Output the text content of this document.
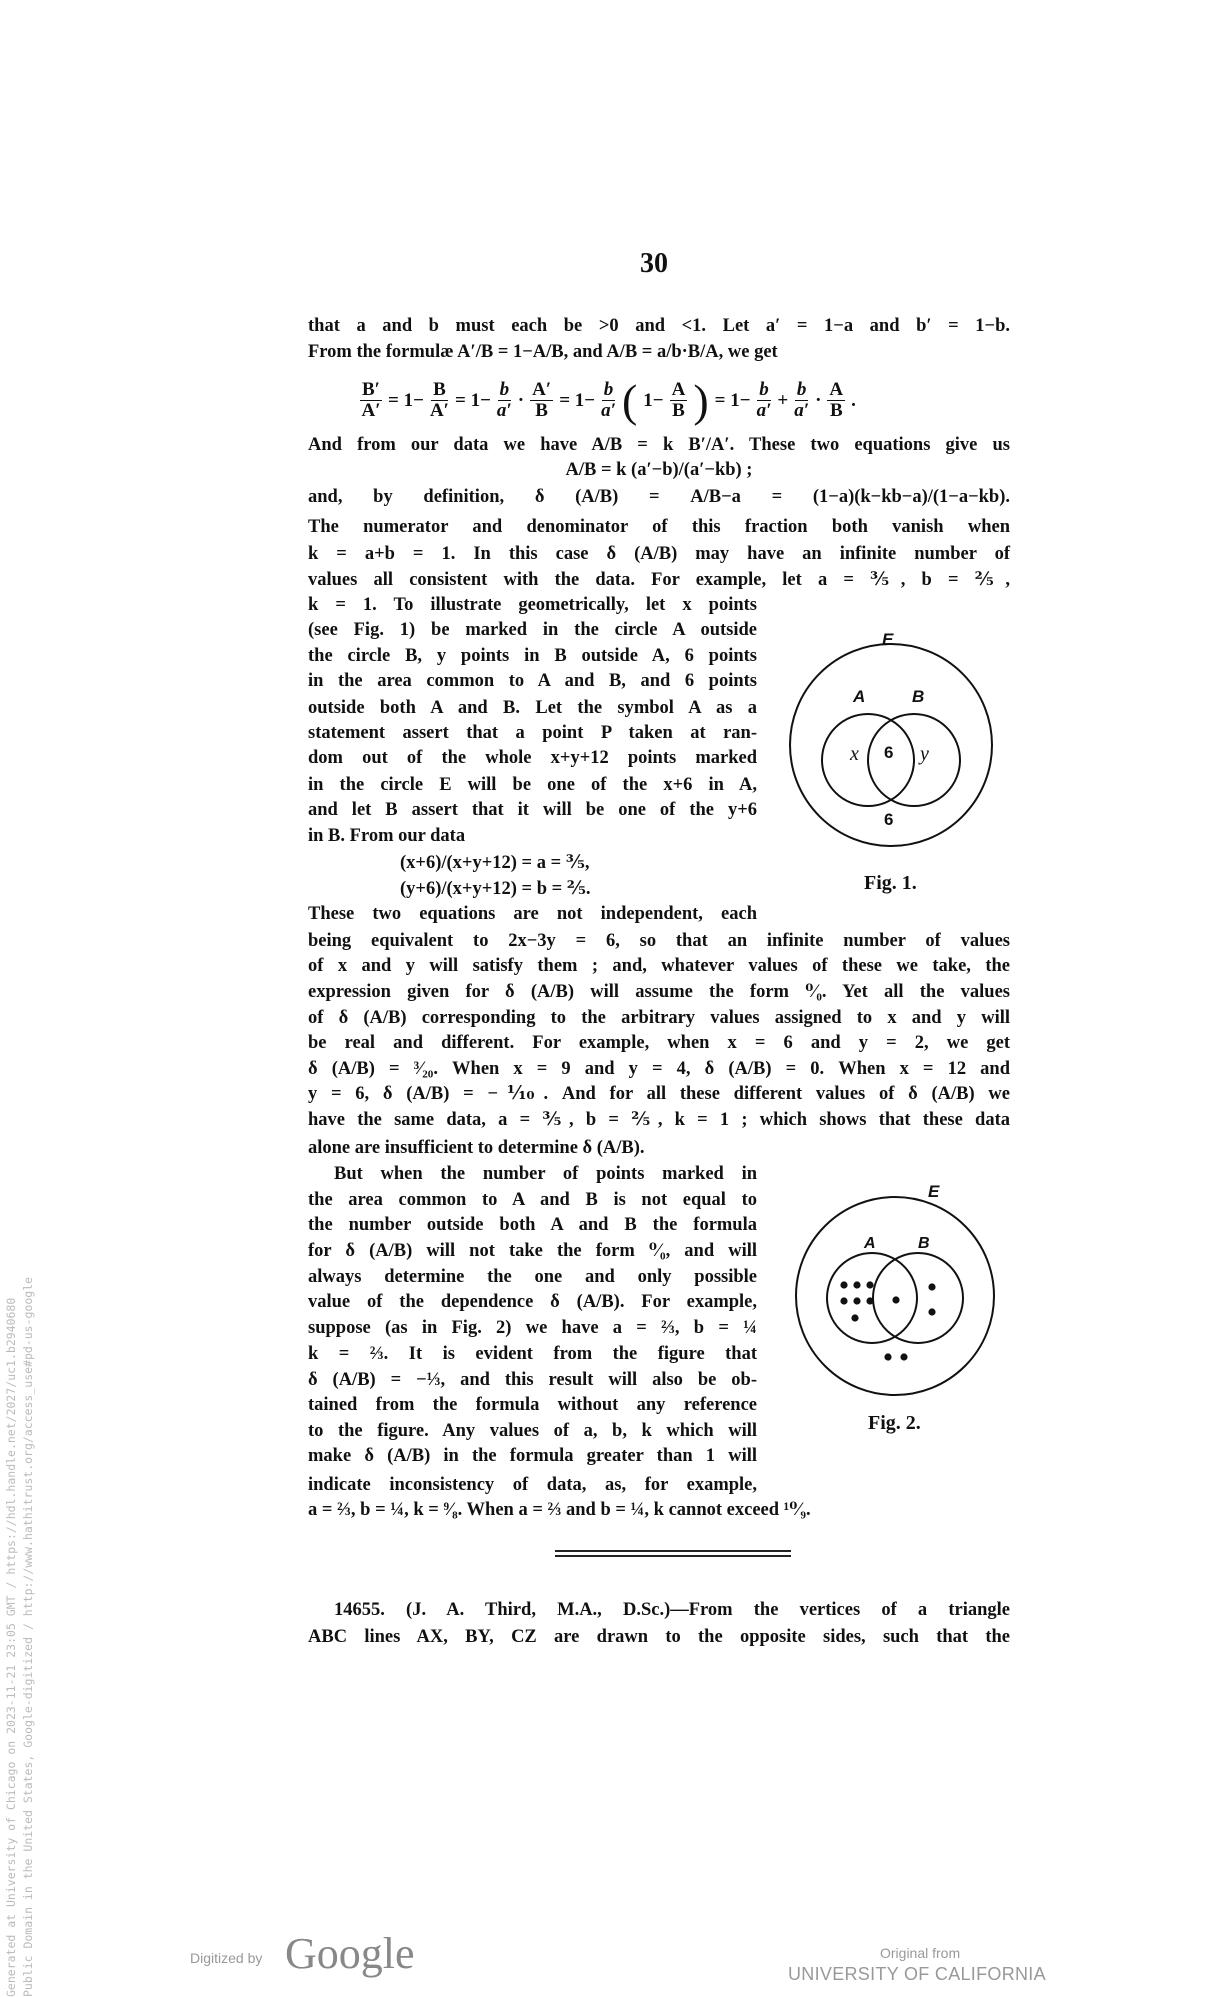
30
that a and b must each be >0 and <1. Let a′ = 1−a and b′ = 1−b.
From the formulæ A′/B = 1−A/B, and A/B = a/b·B/A, we get
$\frac{B'}{A'} = 1- \frac{B}{A'} = 1- \frac{b}{a'} \cdot \frac{A'}{B} = 1- \frac{b}{a'}$ ( $1- \frac{A}{B}$ ) = $1- \frac{b}{a'} + \frac{b}{a'} \cdot \frac{A}{B}$ .
And from our data we have A/B = k B′/A′. These two equations give us
A/B = k (a′−b)/(a′−kb) ;
and, by definition, δ (A/B) = A/B−a = (1−a)(k−kb−a)/(1−a−kb).
The numerator and denominator of this fraction both vanish when
k = a+b = 1. In this case δ (A/B) may have an infinite number of
values all consistent with the data. For example, let a = ⅗, b = ⅖,
k = 1. To illustrate geometrically, let x points
(see Fig. 1) be marked in the circle A outside
the circle B, y points in B outside A, 6 points
in the area common to A and B, and 6 points
outside both A and B. Let the symbol A as a
statement assert that a point P taken at ran-
dom out of the whole x+y+12 points marked
in the circle E will be one of the x+6 in A,
and let B assert that it will be one of the y+6
in B. From our data
(x+6)/(x+y+12) = a = ⅗,
(y+6)/(x+y+12) = b = ⅖.
These two equations are not independent, each
being equivalent to 2x−3y = 6, so that an infinite number of values
of x and y will satisfy them ; and, whatever values of these we take, the
expression given for δ (A/B) will assume the form ⁰⁄₀. Yet all the values
of δ (A/B) corresponding to the arbitrary values assigned to x and y will
be real and different. For example, when x = 6 and y = 2, we get
δ (A/B) = ³⁄₂₀. When x = 9 and y = 4, δ (A/B) = 0. When x = 12 and
y = 6, δ (A/B) = −⅒. And for all these different values of δ (A/B) we
have the same data, a = ⅗, b = ⅖, k = 1 ; which shows that these data
alone are insufficient to determine δ (A/B).
But when the number of points marked in
the area common to A and B is not equal to
the number outside both A and B the formula
for δ (A/B) will not take the form ⁰⁄₀, and will
always determine the one and only possible
value of the dependence δ (A/B). For example,
suppose (as in Fig. 2) we have a = ⅔, b = ¼
k = ⅔. It is evident from the figure that
δ (A/B) = −⅓, and this result will also be ob-
tained from the formula without any reference
to the figure. Any values of a, b, k which will
make δ (A/B) in the formula greater than 1 will
indicate inconsistency of data, as, for example,
a = ⅔, b = ¼, k = ⁹⁄₈. When a = ⅔ and b = ¼, k cannot exceed ¹⁰⁄₉.
14655. (J. A. Third, M.A., D.Sc.)—From the vertices of a triangle
ABC lines AX, BY, CZ are drawn to the opposite sides, such that the
E
A	B
x 6 y
6
Fig. 1.
E
A	B
Fig. 2.
Generated at University of Chicago on 2023-11-21 23:05 GMT / https://hdl.handle.net/2027/uc1.b2940680 Public Domain in the United States, Google-digitized / http://www.hathitrust.org/access_use#pd-us-google	Digitized by Google	Original from
UNIVERSITY OF CALIFORNIA
